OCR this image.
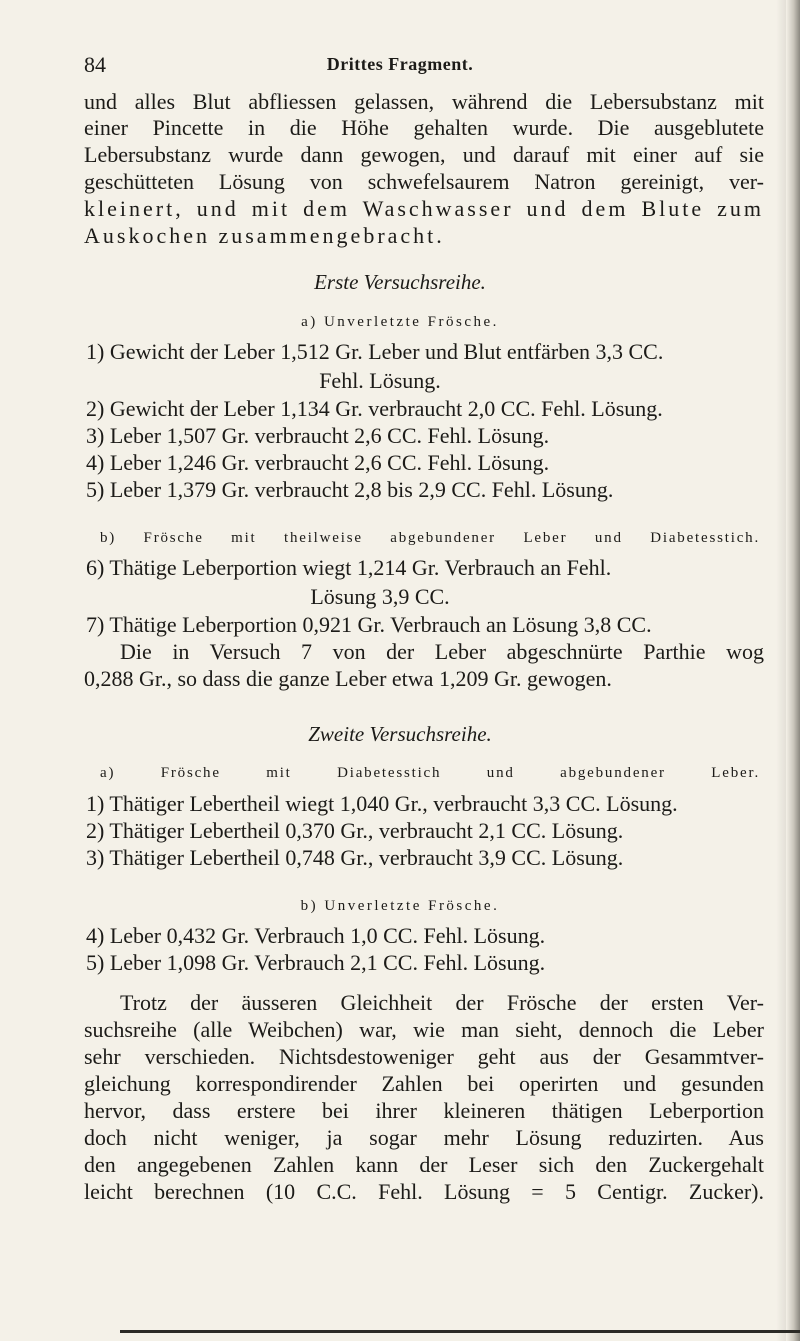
84	Drittes Fragment.
und alles Blut abfliessen gelassen, während die Lebersubstanz mit
einer Pincette in die Höhe gehalten wurde. Die ausgeblutete
Lebersubstanz wurde dann gewogen, und darauf mit einer auf sie
geschütteten Lösung von schwefelsaurem Natron gereinigt, ver-
kleinert, und mit dem Waschwasser und dem Blute zum
Auskochen zusammengebracht.
Erste Versuchsreihe.
a) Unverletzte Frösche.
1) Gewicht der Leber 1,512 Gr. Leber und Blut entfärben 3,3 CC.
Fehl. Lösung.
2) Gewicht der Leber 1,134 Gr. verbraucht 2,0 CC. Fehl. Lösung.
3) Leber 1,507 Gr. verbraucht 2,6 CC. Fehl. Lösung.
4) Leber 1,246 Gr. verbraucht 2,6 CC. Fehl. Lösung.
5) Leber 1,379 Gr. verbraucht 2,8 bis 2,9 CC. Fehl. Lösung.
b) Frösche mit theilweise abgebundener Leber und Diabetesstich.
6) Thätige Leberportion wiegt 1,214 Gr. Verbrauch an Fehl.
Lösung 3,9 CC.
7) Thätige Leberportion 0,921 Gr. Verbrauch an Lösung 3,8 CC.
Die in Versuch 7 von der Leber abgeschnürte Parthie wog
0,288 Gr., so dass die ganze Leber etwa 1,209 Gr. gewogen.
Zweite Versuchsreihe.
a) Frösche mit Diabetesstich und abgebundener Leber.
1) Thätiger Lebertheil wiegt 1,040 Gr., verbraucht 3,3 CC. Lösung.
2) Thätiger Lebertheil 0,370 Gr., verbraucht 2,1 CC. Lösung.
3) Thätiger Lebertheil 0,748 Gr., verbraucht 3,9 CC. Lösung.
b) Unverletzte Frösche.
4) Leber 0,432 Gr. Verbrauch 1,0 CC. Fehl. Lösung.
5) Leber 1,098 Gr. Verbrauch 2,1 CC. Fehl. Lösung.
Trotz der äusseren Gleichheit der Frösche der ersten Ver-
suchsreihe (alle Weibchen) war, wie man sieht, dennoch die Leber
sehr verschieden. Nichtsdestoweniger geht aus der Gesammtver-
gleichung korrespondirender Zahlen bei operirten und gesunden
hervor, dass erstere bei ihrer kleineren thätigen Leberportion
doch nicht weniger, ja sogar mehr Lösung reduzirten. Aus
den angegebenen Zahlen kann der Leser sich den Zuckergehalt
leicht berechnen (10 C.C. Fehl. Lösung = 5 Centigr. Zucker).
